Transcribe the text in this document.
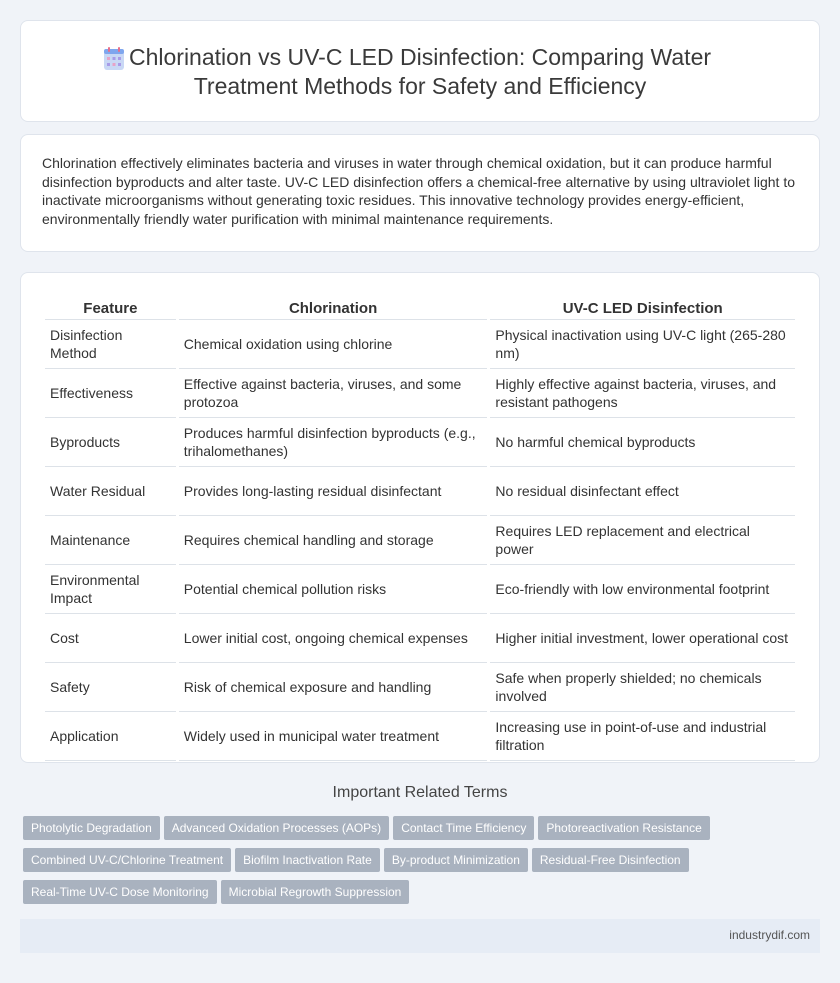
Chlorination vs UV-C LED Disinfection: Comparing Water
Treatment Methods for Safety and Efficiency

Chlorination effectively eliminates bacteria and viruses in water through chemical oxidation, but it can produce harmful disinfection byproducts and alter taste. UV-C LED disinfection offers a chemical-free alternative by using ultraviolet light to inactivate microorganisms without generating toxic residues. This innovative technology provides energy-efficient, environmentally friendly water purification with minimal maintenance requirements.

Feature	Chlorination	UV-C LED Disinfection
Disinfection Method	Chemical oxidation using chlorine	Physical inactivation using UV-C light (265-280 nm)
Effectiveness	Effective against bacteria, viruses, and some protozoa	Highly effective against bacteria, viruses, and resistant pathogens
Byproducts	Produces harmful disinfection byproducts (e.g., trihalomethanes)	No harmful chemical byproducts
Water Residual	Provides long-lasting residual disinfectant	No residual disinfectant effect
Maintenance	Requires chemical handling and storage	Requires LED replacement and electrical power
Environmental Impact	Potential chemical pollution risks	Eco-friendly with low environmental footprint
Cost	Lower initial cost, ongoing chemical expenses	Higher initial investment, lower operational cost
Safety	Risk of chemical exposure and handling	Safe when properly shielded; no chemicals involved
Application	Widely used in municipal water treatment	Increasing use in point-of-use and industrial filtration
Important Related Terms
Photolytic Degradation Advanced Oxidation Processes (AOPs) Contact Time Efficiency Photoreactivation Resistance
Combined UV-C/Chlorine Treatment Biofilm Inactivation Rate By-product Minimization Residual-Free Disinfection
Real-Time UV-C Dose Monitoring Microbial Regrowth Suppression
industrydif.com
